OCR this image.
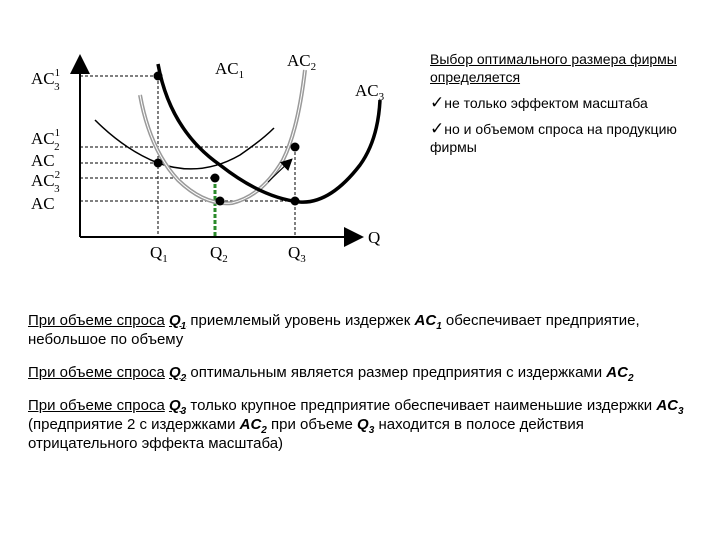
$AC^1$ 3
$AC^1$ 2
AC
$AC^2$ 3
AC
$AC_1$
$AC_2$
$AC_3$
$Q_1$ $Q_2$	$Q_3$
Q
Выбор оптимального размера фирмы определяется
✓не только эффектом масштаба
✓но и объемом спроса на продукцию фирмы

При объеме спроса $Q_1$ приемлемый уровень издержек $AC_1$ обеспечивает предприятие, небольшое по объему

При объеме спроса $Q_2$ оптимальным является размер предприятия с издержками $AC_2$

При объеме спроса $Q_3$ только крупное предприятие обеспечивает наименьшие издержки $AC_3$ (предприятие 2 с издержками $AC_2$ при объеме $Q_3$ находится в полосе действия отрицательного эффекта масштаба)
